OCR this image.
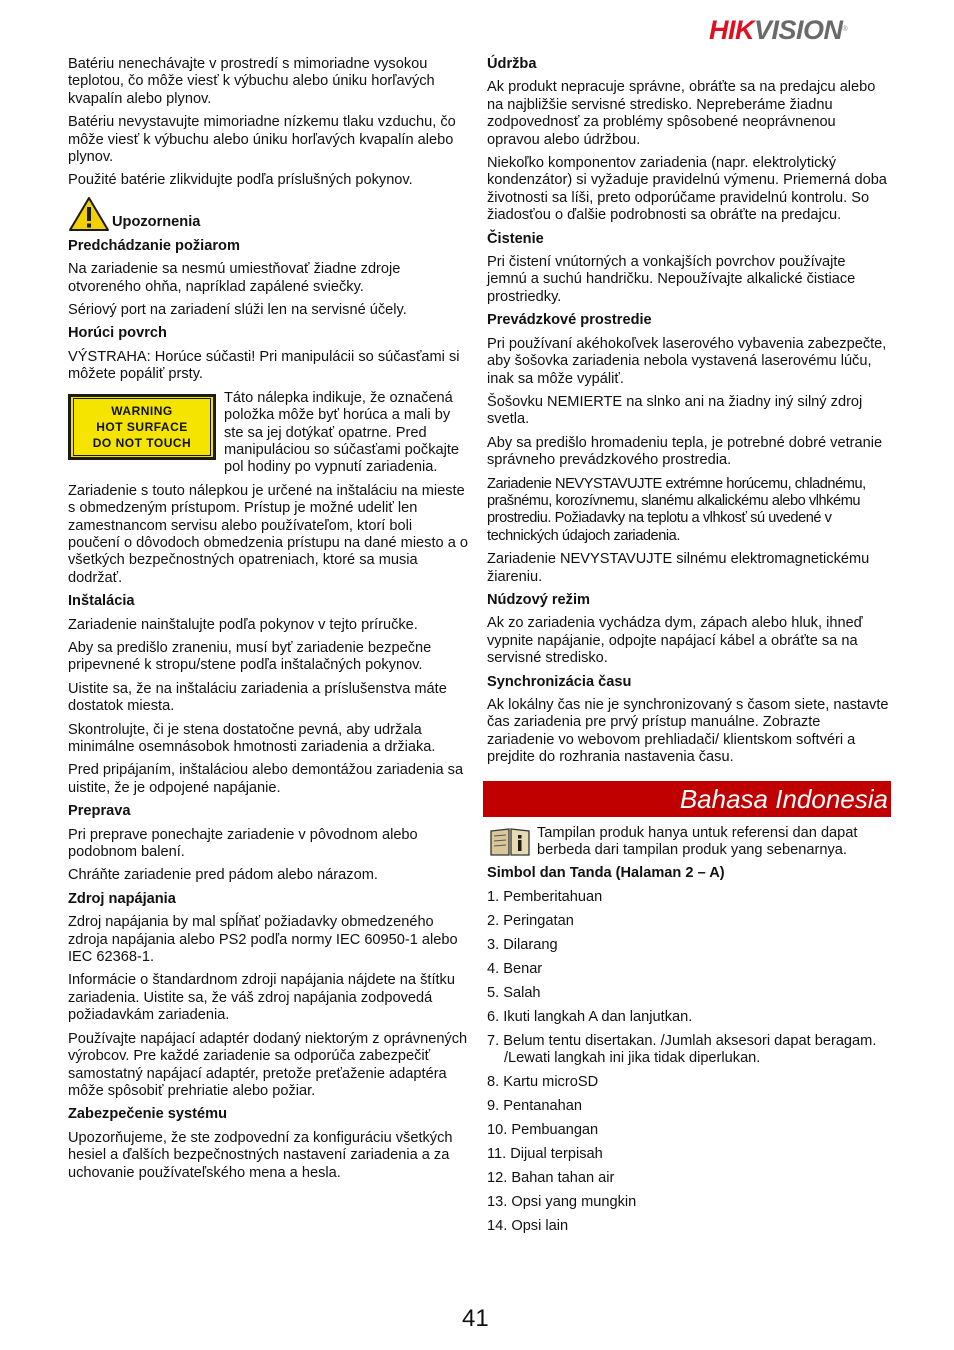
HIKVISION®

Batériu nenechávajte v prostredí s mimoriadne vysokou teplotou, čo môže viesť k výbuchu alebo úniku horľavých kvapalín alebo plynov.

Batériu nevystavujte mimoriadne nízkemu tlaku vzduchu, čo môže viesť k výbuchu alebo úniku horľavých kvapalín alebo plynov.

Použité batérie zlikvidujte podľa príslušných pokynov.

Upozornenia

Predchádzanie požiarom

Na zariadenie sa nesmú umiestňovať žiadne zdroje otvoreného ohňa, napríklad zapálené sviečky.

Sériový port na zariadení slúži len na servisné účely.

Horúci povrch

VÝSTRAHA: Horúce súčasti! Pri manipulácii so súčasťami si môžete popáliť prsty.

WARNING
HOT SURFACE
DO NOT TOUCH
Táto nálepka indikuje, že označená položka môže byť horúca a mali by ste sa jej dotýkať opatrne. Pred manipuláciou so súčasťami počkajte pol hodiny po vypnutí zariadenia.

Zariadenie s touto nálepkou je určené na inštaláciu na mieste s obmedzeným prístupom. Prístup je možné udeliť len zamestnancom servisu alebo používateľom, ktorí boli poučení o dôvodoch obmedzenia prístupu na dané miesto a o všetkých bezpečnostných opatreniach, ktoré sa musia dodržať.

Inštalácia

Zariadenie nainštalujte podľa pokynov v tejto príručke.

Aby sa predišlo zraneniu, musí byť zariadenie bezpečne pripevnené k stropu/stene podľa inštalačných pokynov.

Uistite sa, že na inštaláciu zariadenia a príslušenstva máte dostatok miesta.

Skontrolujte, či je stena dostatočne pevná, aby udržala minimálne osemnásobok hmotnosti zariadenia a držiaka.

Pred pripájaním, inštaláciou alebo demontážou zariadenia sa uistite, že je odpojené napájanie.

Preprava

Pri preprave ponechajte zariadenie v pôvodnom alebo podobnom balení.

Chráňte zariadenie pred pádom alebo nárazom.

Zdroj napájania

Zdroj napájania by mal spĺňať požiadavky obmedzeného zdroja napájania alebo PS2 podľa normy IEC 60950-1 alebo IEC 62368-1.

Informácie o štandardnom zdroji napájania nájdete na štítku zariadenia. Uistite sa, že váš zdroj napájania zodpovedá požiadavkám zariadenia.

Používajte napájací adaptér dodaný niektorým z oprávnených výrobcov. Pre každé zariadenie sa odporúča zabezpečiť samostatný napájací adaptér, pretože preťaženie adaptéra môže spôsobiť prehriatie alebo požiar.

Zabezpečenie systému

Upozorňujeme, že ste zodpovední za konfiguráciu všetkých hesiel a ďalších bezpečnostných nastavení zariadenia a za uchovanie používateľského mena a hesla.

Údržba

Ak produkt nepracuje správne, obráťte sa na predajcu alebo na najbližšie servisné stredisko. Nepreberáme žiadnu zodpovednosť za problémy spôsobené neoprávnenou opravou alebo údržbou.

Niekoľko komponentov zariadenia (napr. elektrolytický kondenzátor) si vyžaduje pravidelnú výmenu. Priemerná doba životnosti sa líši, preto odporúčame pravidelnú kontrolu. So žiadosťou o ďalšie podrobnosti sa obráťte na predajcu.

Čistenie

Pri čistení vnútorných a vonkajších povrchov používajte jemnú a suchú handričku. Nepoužívajte alkalické čistiace prostriedky.

Prevádzkové prostredie

Pri používaní akéhokoľvek laserového vybavenia zabezpečte, aby šošovka zariadenia nebola vystavená laserovému lúču, inak sa môže vypáliť.

Šošovku NEMIERTE na slnko ani na žiadny iný silný zdroj svetla.

Aby sa predišlo hromadeniu tepla, je potrebné dobré vetranie správneho prevádzkového prostredia.

Zariadenie NEVYSTAVUJTE extrémne horúcemu, chladnému, prašnému, korozívnemu, slanému alkalickému alebo vlhkému prostrediu. Požiadavky na teplotu a vlhkosť sú uvedené v technických údajoch zariadenia.

Zariadenie NEVYSTAVUJTE silnému elektromagnetickému žiareniu.

Núdzový režim

Ak zo zariadenia vychádza dym, zápach alebo hluk, ihneď vypnite napájanie, odpojte napájací kábel a obráťte sa na servisné stredisko.

Synchronizácia času

Ak lokálny čas nie je synchronizovaný s časom siete, nastavte čas zariadenia pre prvý prístup manuálne. Zobrazte zariadenie vo webovom prehliadači/ klientskom softvéri a prejdite do rozhrania nastavenia času.

Bahasa Indonesia
Tampilan produk hanya untuk referensi dan dapat berbeda dari tampilan produk yang sebenarnya.

Simbol dan Tanda (Halaman 2 – A)

1. Pemberitahuan
2. Peringatan
3. Dilarang
4. Benar
5. Salah
6. Ikuti langkah A dan lanjutkan.
7. Belum tentu disertakan. /Jumlah aksesori dapat beragam. /Lewati langkah ini jika tidak diperlukan.
8. Kartu microSD
9. Pentanahan
10. Pembuangan
11. Dijual terpisah
12. Bahan tahan air
13. Opsi yang mungkin
14. Opsi lain
41
